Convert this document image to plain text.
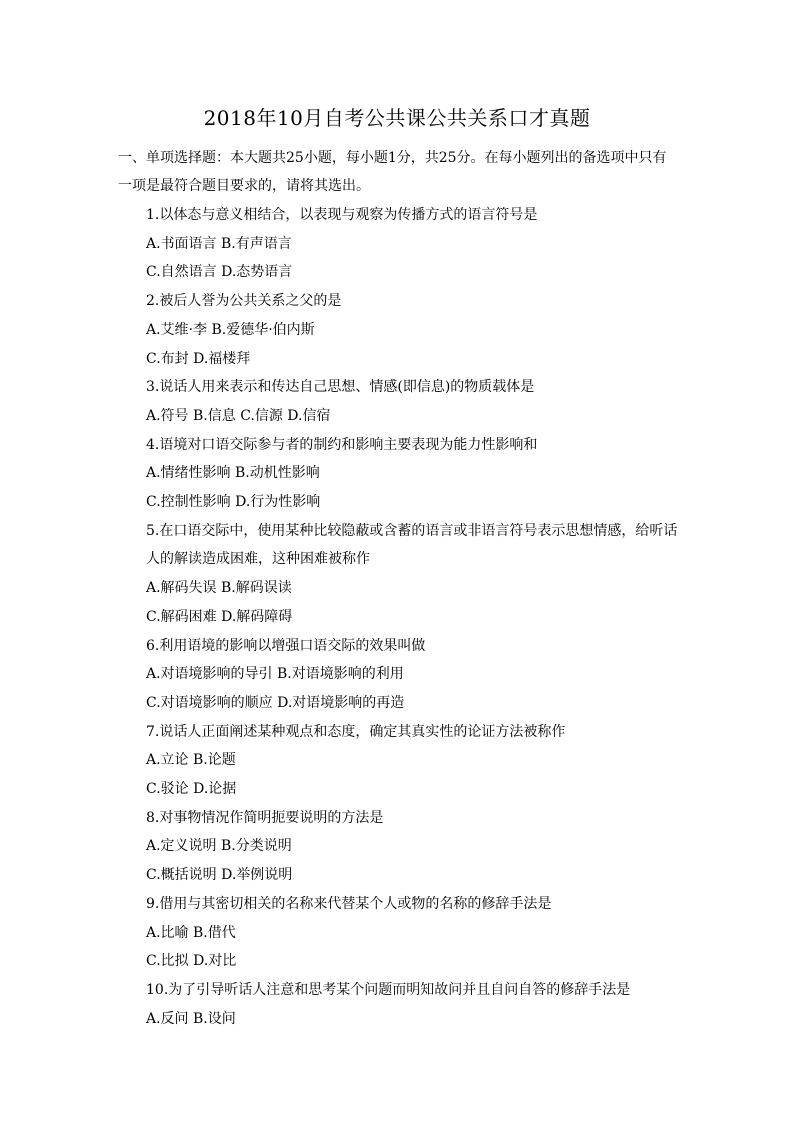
2018年10月自考公共课公共关系口才真题
一、单项选择题：本大题共25小题，每小题1分，共25分。在每小题列出的备选项中只有一项是最符合题目要求的，请将其选出。
1.以体态与意义相结合，以表现与观察为传播方式的语言符号是
A.书面语言 B.有声语言
C.自然语言 D.态势语言
2.被后人誉为公共关系之父的是
A.艾维·李 B.爱德华·伯内斯
C.布封 D.福楼拜
3.说话人用来表示和传达自己思想、情感(即信息)的物质载体是
A.符号 B.信息 C.信源 D.信宿
4.语境对口语交际参与者的制约和影响主要表现为能力性影响和
A.情绪性影响 B.动机性影响
C.控制性影响 D.行为性影响
5.在口语交际中，使用某种比较隐蔽或含蓄的语言或非语言符号表示思想情感，给听话人的解读造成困难，这种困难被称作
A.解码失误 B.解码误读
C.解码困难 D.解码障碍
6.利用语境的影响以增强口语交际的效果叫做
A.对语境影响的导引 B.对语境影响的利用
C.对语境影响的顺应 D.对语境影响的再造
7.说话人正面阐述某种观点和态度，确定其真实性的论证方法被称作
A.立论 B.论题
C.驳论 D.论据
8.对事物情况作简明扼要说明的方法是
A.定义说明 B.分类说明
C.概括说明 D.举例说明
9.借用与其密切相关的名称来代替某个人或物的名称的修辞手法是
A.比喻 B.借代
C.比拟 D.对比
10.为了引导听话人注意和思考某个问题而明知故问并且自问自答的修辞手法是
A.反问 B.设问
